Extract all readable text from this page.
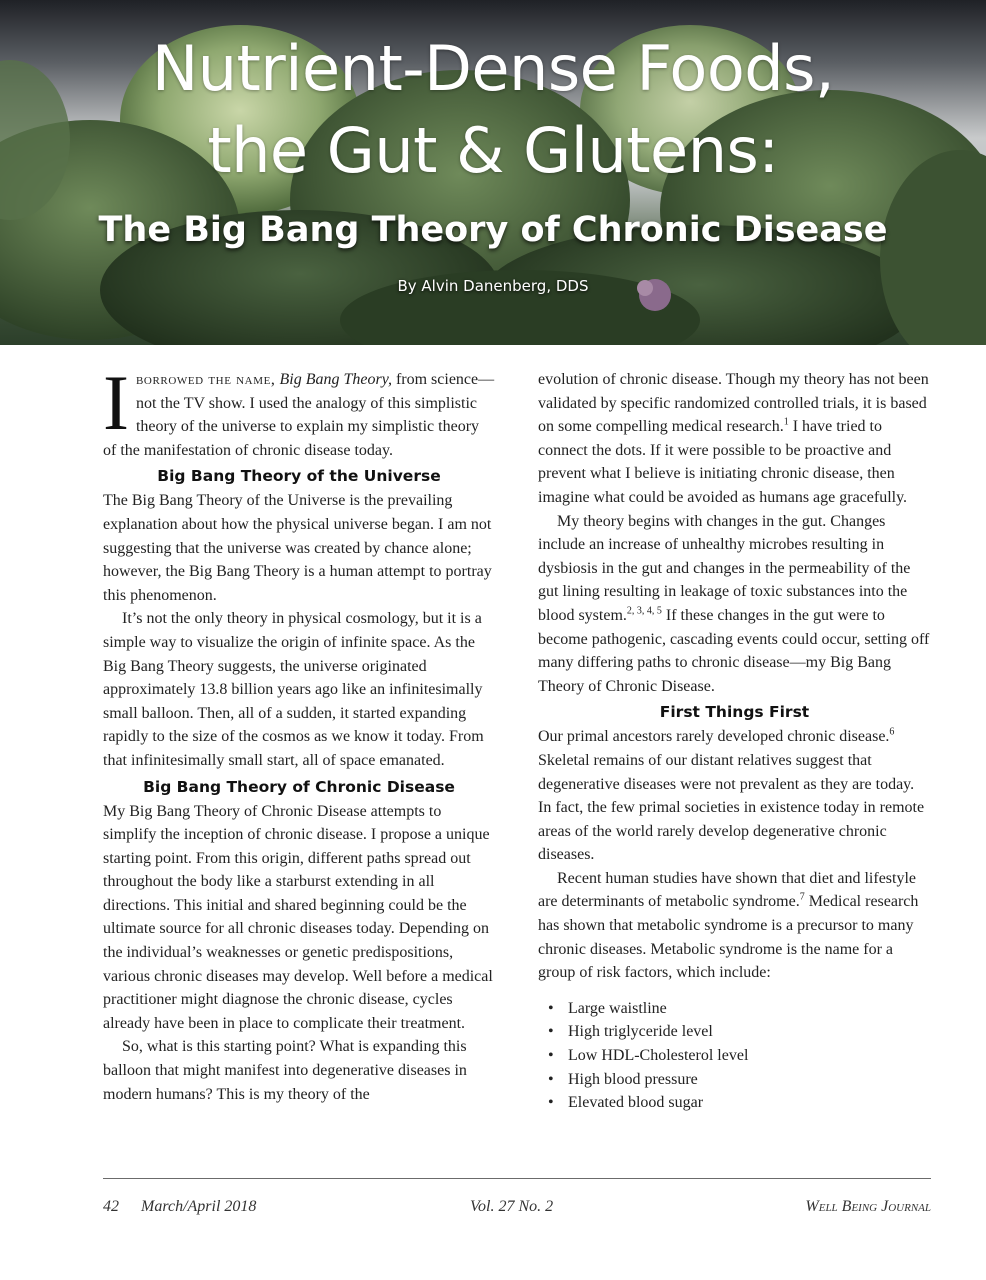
Nutrient-Dense Foods,
the Gut & Glutens:
The Big Bang Theory of Chronic Disease
By Alvin Danenberg, DDS

Iborrowed the name, Big Bang Theory, from science—not the TV show. I used the analogy of this simplistic theory of the universe to explain my simplistic theory of the manifestation of chronic disease today.

Big Bang Theory of the Universe

The Big Bang Theory of the Universe is the prevailing explanation about how the physical universe began. I am not suggesting that the universe was created by chance alone; however, the Big Bang Theory is a human attempt to portray this phenomenon.

It’s not the only theory in physical cosmology, but it is a simple way to visualize the origin of infinite space. As the Big Bang Theory suggests, the universe originated approximately 13.8 billion years ago like an infinitesimally small balloon. Then, all of a sudden, it started expanding rapidly to the size of the cosmos as we know it today. From that infinitesimally small start, all of space emanated.

Big Bang Theory of Chronic Disease

My Big Bang Theory of Chronic Disease attempts to simplify the inception of chronic disease. I propose a unique starting point. From this origin, different paths spread out throughout the body like a starburst extending in all directions. This initial and shared beginning could be the ultimate source for all chronic diseases today. Depending on the individual’s weaknesses or genetic predispositions, various chronic diseases may develop. Well before a medical practitioner might diagnose the chronic disease, cycles already have been in place to complicate their treatment.

So, what is this starting point? What is expanding this balloon that might manifest into degenerative diseases in modern humans? This is my theory of the

evolution of chronic disease. Though my theory has not been validated by specific randomized controlled trials, it is based on some compelling medical research.$^1$ I have tried to connect the dots. If it were possible to be proactive and prevent what I believe is initiating chronic disease, then imagine what could be avoided as humans age gracefully.

My theory begins with changes in the gut. Changes include an increase of unhealthy microbes resulting in dysbiosis in the gut and changes in the permeability of the gut lining resulting in leakage of toxic substances into the blood system.$^{2, 3, 4, 5}$ If these changes in the gut were to become pathogenic, cascading events could occur, setting off many differing paths to chronic disease—my Big Bang Theory of Chronic Disease.

First Things First

Our primal ancestors rarely developed chronic disease.$^6$ Skeletal remains of our distant relatives suggest that degenerative diseases were not prevalent as they are today. In fact, the few primal societies in existence today in remote areas of the world rarely develop degenerative chronic diseases.

Recent human studies have shown that diet and lifestyle are determinants of metabolic syndrome.$^7$ Medical research has shown that metabolic syndrome is a precursor to many chronic diseases. Metabolic syndrome is the name for a group of risk factors, which include:

• Large waistline
• High triglyceride level
• Low HDL-Cholesterol level
• High blood pressure
• Elevated blood sugar
42 March/April 2018	Vol. 27 No. 2	Well Being Journal
